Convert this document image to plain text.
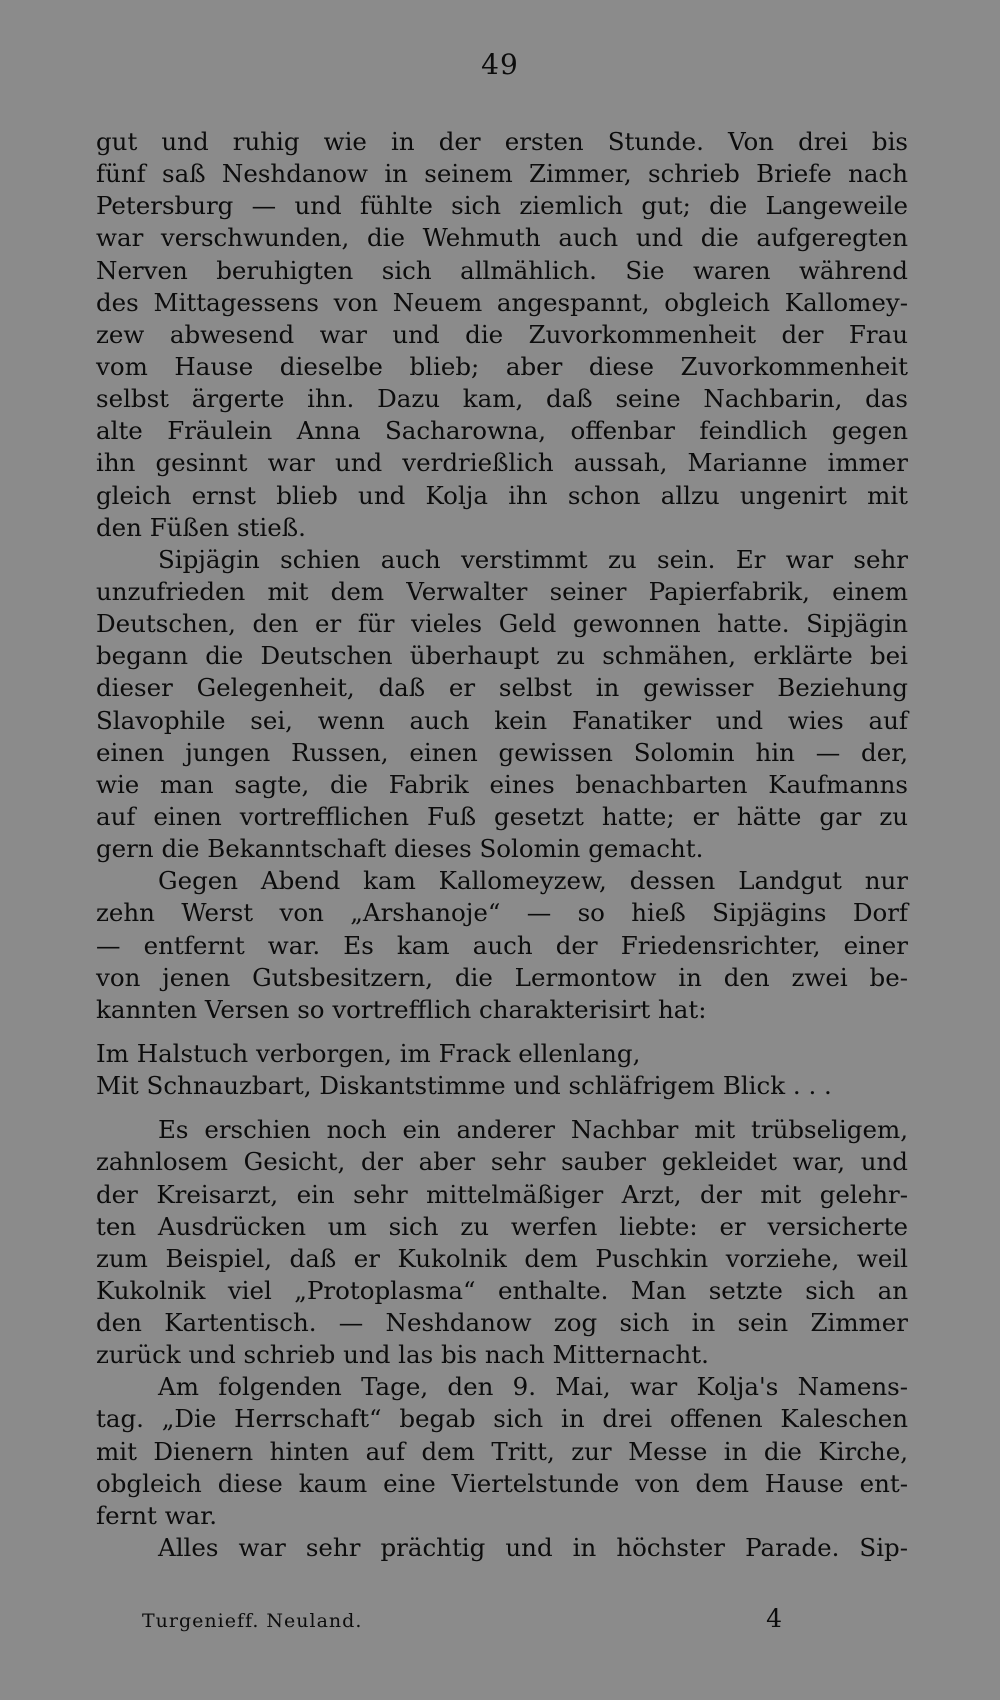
49
gut und ruhig wie in der ersten Stunde. Von drei bis
fünf saß Neshdanow in seinem Zimmer, schrieb Briefe nach
Petersburg — und fühlte sich ziemlich gut; die Langeweile
war verschwunden, die Wehmuth auch und die aufgeregten
Nerven beruhigten sich allmählich. Sie waren während
des Mittagessens von Neuem angespannt, obgleich Kallomey-
zew abwesend war und die Zuvorkommenheit der Frau
vom Hause dieselbe blieb; aber diese Zuvorkommenheit
selbst ärgerte ihn. Dazu kam, daß seine Nachbarin, das
alte Fräulein Anna Sacharowna, offenbar feindlich gegen
ihn gesinnt war und verdrießlich aussah, Marianne immer
gleich ernst blieb und Kolja ihn schon allzu ungenirt mit
den Füßen stieß.
Sipjägin schien auch verstimmt zu sein. Er war sehr
unzufrieden mit dem Verwalter seiner Papierfabrik, einem
Deutschen, den er für vieles Geld gewonnen hatte. Sipjägin
begann die Deutschen überhaupt zu schmähen, erklärte bei
dieser Gelegenheit, daß er selbst in gewisser Beziehung
Slavophile sei, wenn auch kein Fanatiker und wies auf
einen jungen Russen, einen gewissen Solomin hin — der,
wie man sagte, die Fabrik eines benachbarten Kaufmanns
auf einen vortrefflichen Fuß gesetzt hatte; er hätte gar zu
gern die Bekanntschaft dieses Solomin gemacht.
Gegen Abend kam Kallomeyzew, dessen Landgut nur
zehn Werst von „Arshanoje“ — so hieß Sipjägins Dorf
— entfernt war. Es kam auch der Friedensrichter, einer
von jenen Gutsbesitzern, die Lermontow in den zwei be-
kannten Versen so vortrefflich charakterisirt hat:
Im Halstuch verborgen, im Frack ellenlang,
Mit Schnauzbart, Diskantstimme und schläfrigem Blick . . .
Es erschien noch ein anderer Nachbar mit trübseligem,
zahnlosem Gesicht, der aber sehr sauber gekleidet war, und
der Kreisarzt, ein sehr mittelmäßiger Arzt, der mit gelehr-
ten Ausdrücken um sich zu werfen liebte: er versicherte
zum Beispiel, daß er Kukolnik dem Puschkin vorziehe, weil
Kukolnik viel „Protoplasma“ enthalte. Man setzte sich an
den Kartentisch. — Neshdanow zog sich in sein Zimmer
zurück und schrieb und las bis nach Mitternacht.
Am folgenden Tage, den 9. Mai, war Kolja's Namens-
tag. „Die Herrschaft“ begab sich in drei offenen Kaleschen
mit Dienern hinten auf dem Tritt, zur Messe in die Kirche,
obgleich diese kaum eine Viertelstunde von dem Hause ent-
fernt war.
Alles war sehr prächtig und in höchster Parade. Sip-
Turgenieff. Neuland.	4
